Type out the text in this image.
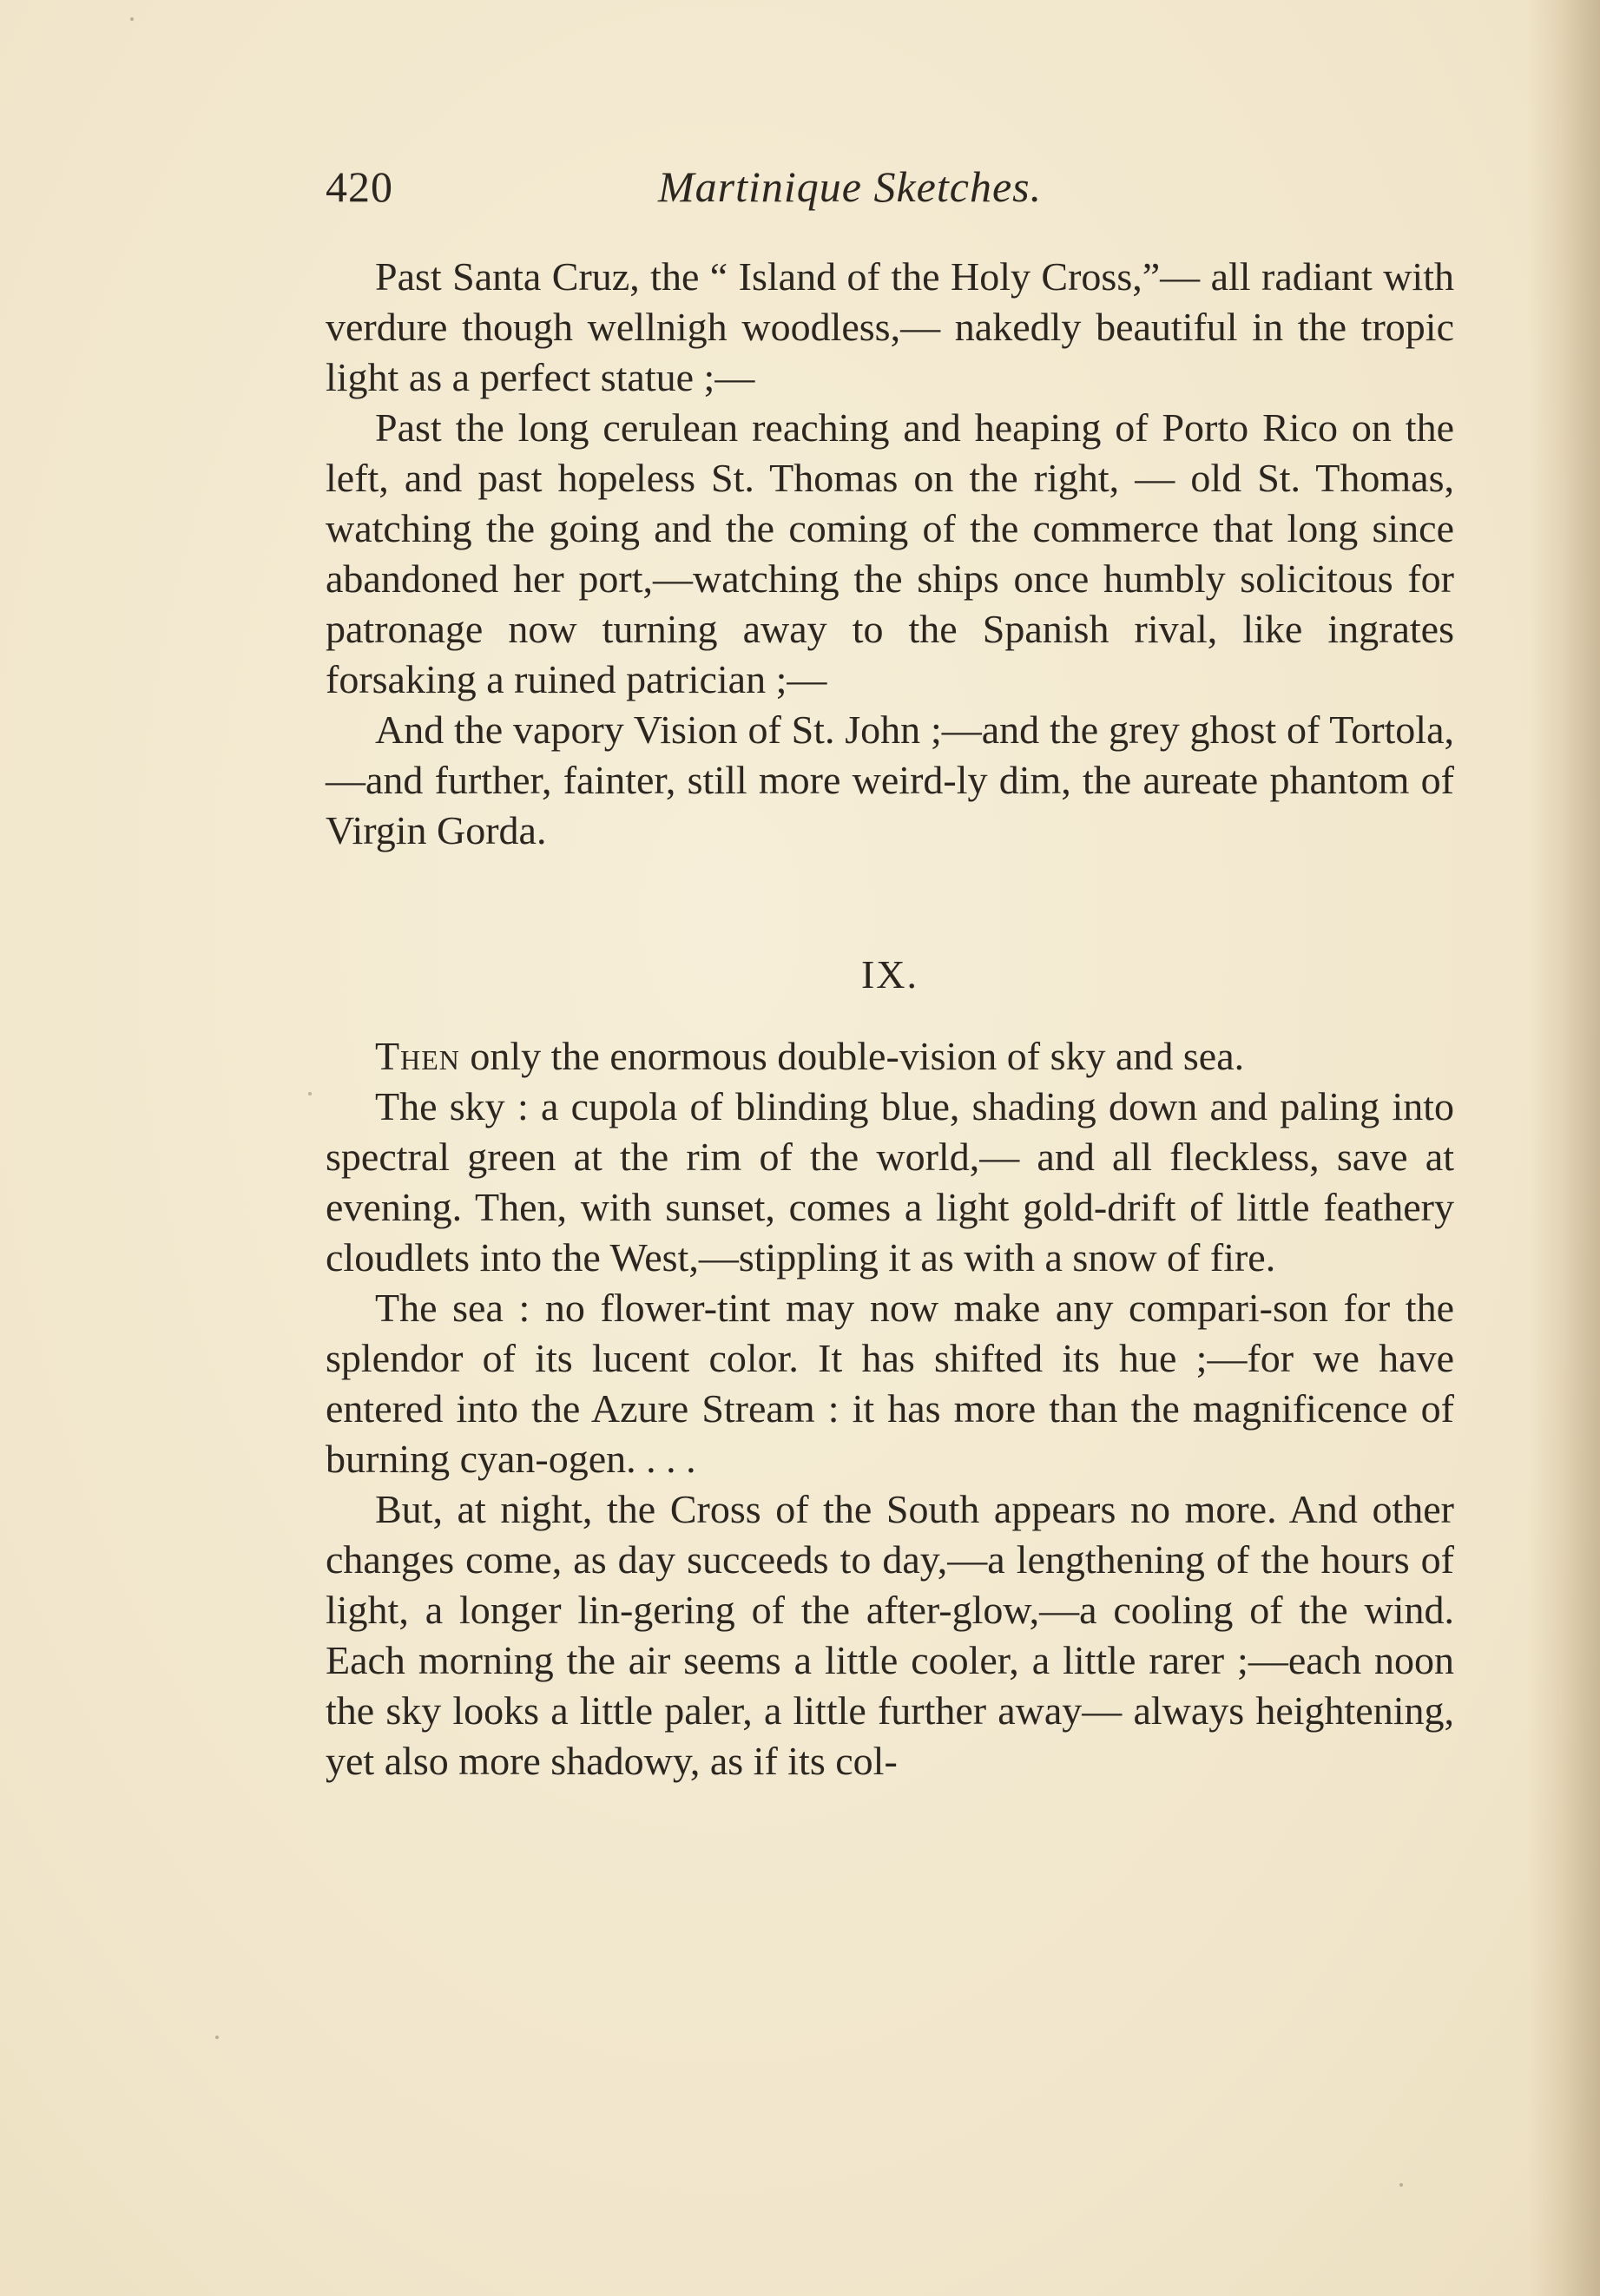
420	Martinique Sketches.

Past Santa Cruz, the “ Island of the Holy Cross,”— all radiant with verdure though wellnigh woodless,— nakedly beautiful in the tropic light as a perfect statue ;—

Past the long cerulean reaching and heaping of Porto Rico on the left, and past hopeless St. Thomas on the right, — old St. Thomas, watching the going and the coming of the commerce that long since abandoned her port,—watching the ships once humbly solicitous for patronage now turning away to the Spanish rival, like ingrates forsaking a ruined patrician ;—

And the vapory Vision of St. John ;—and the grey ghost of Tortola,—and further, fainter, still more weird-ly dim, the aureate phantom of Virgin Gorda.

IX.

Then only the enormous double-vision of sky and sea.

The sky : a cupola of blinding blue, shading down and paling into spectral green at the rim of the world,— and all fleckless, save at evening. Then, with sunset, comes a light gold-drift of little feathery cloudlets into the West,—stippling it as with a snow of fire.

The sea : no flower-tint may now make any compari-son for the splendor of its lucent color. It has shifted its hue ;—for we have entered into the Azure Stream : it has more than the magnificence of burning cyan-ogen. . . .

But, at night, the Cross of the South appears no more. And other changes come, as day succeeds to day,—a lengthening of the hours of light, a longer lin-gering of the after-glow,—a cooling of the wind. Each morning the air seems a little cooler, a little rarer ;—each noon the sky looks a little paler, a little further away— always heightening, yet also more shadowy, as if its col-
